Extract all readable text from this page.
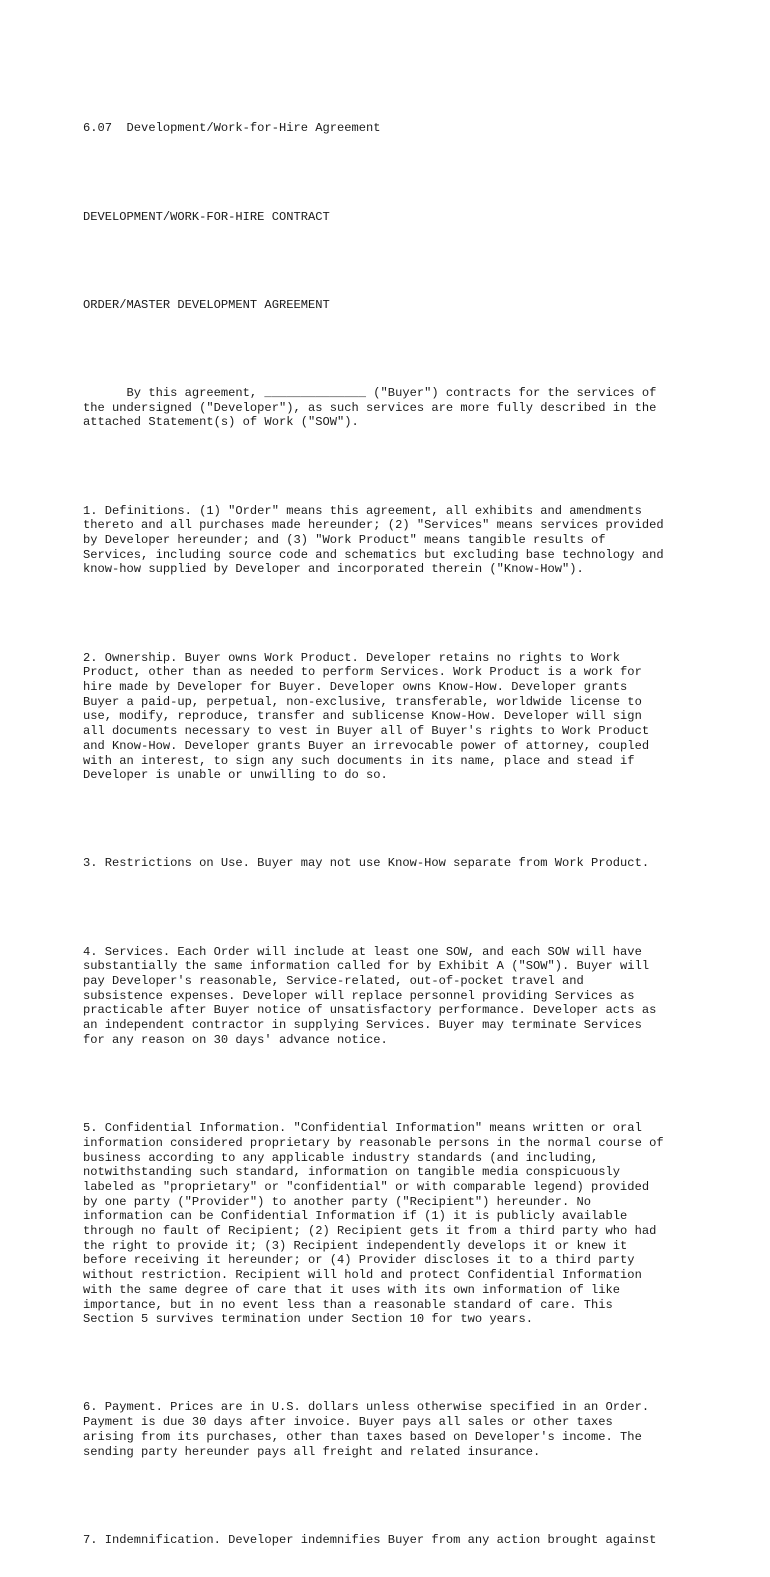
6.07  Development/Work-for-Hire Agreement

DEVELOPMENT/WORK-FOR-HIRE CONTRACT

ORDER/MASTER DEVELOPMENT AGREEMENT

By this agreement, ______________ ("Buyer") contracts for the services of
the undersigned ("Developer"), as such services are more fully described in the
attached Statement(s) of Work ("SOW").

1. Definitions. (1) "Order" means this agreement, all exhibits and amendments
thereto and all purchases made hereunder; (2) "Services" means services provided
by Developer hereunder; and (3) "Work Product" means tangible results of
Services, including source code and schematics but excluding base technology and
know-how supplied by Developer and incorporated therein ("Know-How").

2. Ownership. Buyer owns Work Product. Developer retains no rights to Work
Product, other than as needed to perform Services. Work Product is a work for
hire made by Developer for Buyer. Developer owns Know-How. Developer grants
Buyer a paid-up, perpetual, non-exclusive, transferable, worldwide license to
use, modify, reproduce, transfer and sublicense Know-How. Developer will sign
all documents necessary to vest in Buyer all of Buyer's rights to Work Product
and Know-How. Developer grants Buyer an irrevocable power of attorney, coupled
with an interest, to sign any such documents in its name, place and stead if
Developer is unable or unwilling to do so.

3. Restrictions on Use. Buyer may not use Know-How separate from Work Product.

4. Services. Each Order will include at least one SOW, and each SOW will have
substantially the same information called for by Exhibit A ("SOW"). Buyer will
pay Developer's reasonable, Service-related, out-of-pocket travel and
subsistence expenses. Developer will replace personnel providing Services as
practicable after Buyer notice of unsatisfactory performance. Developer acts as
an independent contractor in supplying Services. Buyer may terminate Services
for any reason on 30 days' advance notice.

5. Confidential Information. "Confidential Information" means written or oral
information considered proprietary by reasonable persons in the normal course of
business according to any applicable industry standards (and including,
notwithstanding such standard, information on tangible media conspicuously
labeled as "proprietary" or "confidential" or with comparable legend) provided
by one party ("Provider") to another party ("Recipient") hereunder. No
information can be Confidential Information if (1) it is publicly available
through no fault of Recipient; (2) Recipient gets it from a third party who had
the right to provide it; (3) Recipient independently develops it or knew it
before receiving it hereunder; or (4) Provider discloses it to a third party
without restriction. Recipient will hold and protect Confidential Information
with the same degree of care that it uses with its own information of like
importance, but in no event less than a reasonable standard of care. This
Section 5 survives termination under Section 10 for two years.

6. Payment. Prices are in U.S. dollars unless otherwise specified in an Order.
Payment is due 30 days after invoice. Buyer pays all sales or other taxes
arising from its purchases, other than taxes based on Developer's income. The
sending party hereunder pays all freight and related insurance.

7. Indemnification. Developer indemnifies Buyer from any action brought against
